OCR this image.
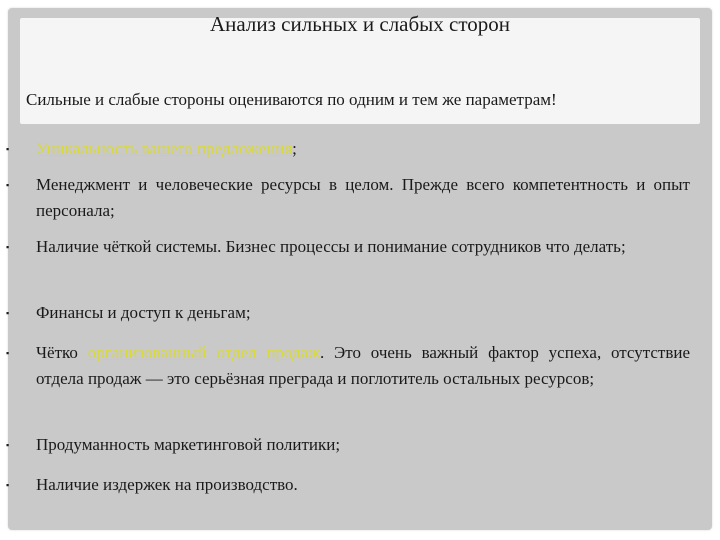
Анализ сильных и слабых сторон
Сильные и слабые стороны оцениваются по одним и тем же параметрам!
▪ Уникальность вашего предложения;
▪ Менеджмент и человеческие ресурсы в целом. Прежде всего компетентность и опыт персонала;
▪ Наличие чёткой системы. Бизнес процессы и понимание сотрудников что делать;
▪ Финансы и доступ к деньгам;
▪ Чётко организованный отдел продаж. Это очень важный фактор успеха, отсутствие отдела продаж — это серьёзная преграда и поглотитель остальных ресурсов;
▪ Продуманность маркетинговой политики;
▪ Наличие издержек на производство.
